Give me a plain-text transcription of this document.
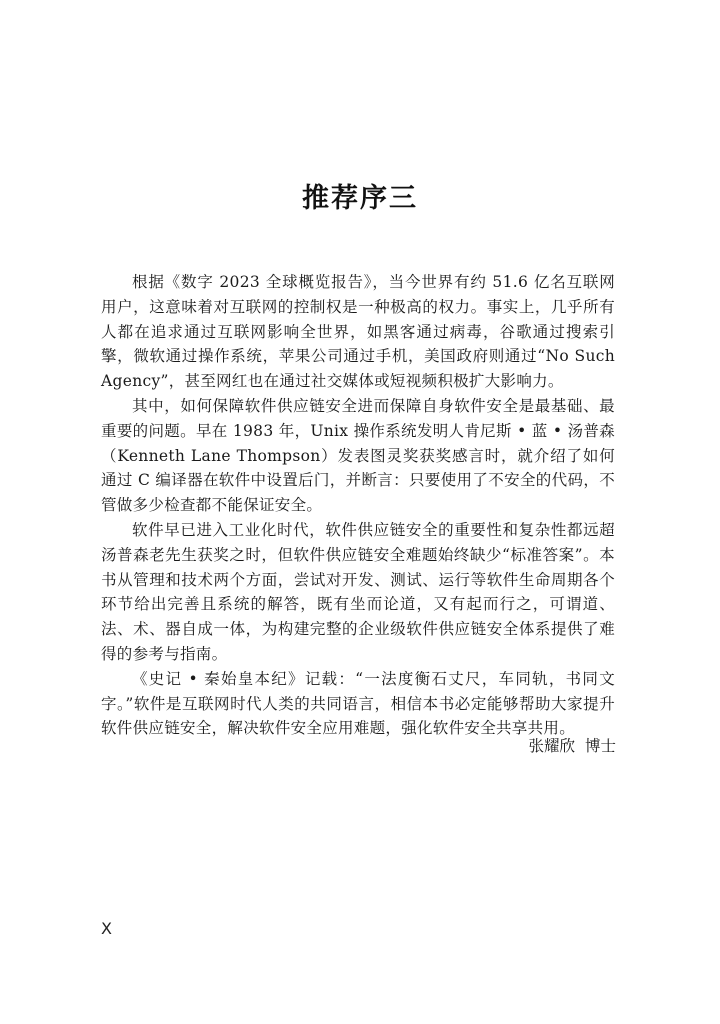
推荐序三

根据《数字 2023 全球概览报告》，当今世界有约 51.6 亿名互联网用户，这意味着对互联网的控制权是一种极高的权力。事实上，几乎所有人都在追求通过互联网影响全世界，如黑客通过病毒，谷歌通过搜索引擎，微软通过操作系统，苹果公司通过手机，美国政府则通过“No Such Agency”，甚至网红也在通过社交媒体或短视频积极扩大影响力。

其中，如何保障软件供应链安全进而保障自身软件安全是最基础、最重要的问题。早在 1983 年，Unix 操作系统发明人肯尼斯 • 蓝 • 汤普森（Kenneth Lane Thompson）发表图灵奖获奖感言时，就介绍了如何通过 C 编译器在软件中设置后门，并断言：只要使用了不安全的代码，不管做多少检查都不能保证安全。

软件早已进入工业化时代，软件供应链安全的重要性和复杂性都远超汤普森老先生获奖之时，但软件供应链安全难题始终缺少“标准答案”。本书从管理和技术两个方面，尝试对开发、测试、运行等软件生命周期各个环节给出完善且系统的解答，既有坐而论道，又有起而行之，可谓道、法、术、器自成一体，为构建完整的企业级软件供应链安全体系提供了难得的参考与指南。

《史记 • 秦始皇本纪》记载：“一法度衡石丈尺，车同轨，书同文字。”软件是互联网时代人类的共同语言，相信本书必定能够帮助大家提升软件供应链安全，解决软件安全应用难题，强化软件安全共享共用。

张耀欣 博士
X
